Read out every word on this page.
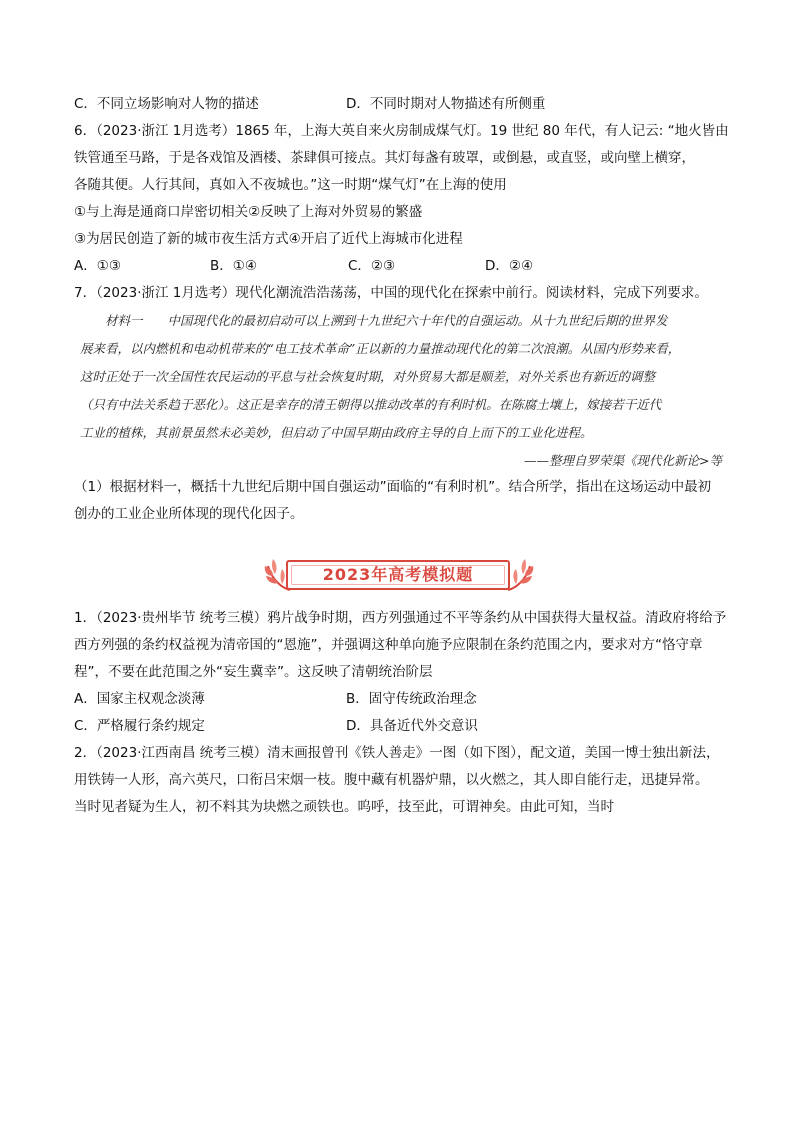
C．不同立场影响对人物的描述	D．不同时期对人物描述有所侧重
6．（2023·浙江 1月选考）1865 年，上海大英自来火房制成煤气灯。19 世纪 80 年代，有人记云: “地火皆由
铁管通至马路，于是各戏馆及酒楼、茶肆俱可接点。其灯每盏有玻罩，或倒悬，或直竖，或向壁上横穿，
各随其便。人行其间，真如入不夜城也。”这一时期“煤气灯”在上海的使用
①与上海是通商口岸密切相关②反映了上海对外贸易的繁盛
③为居民创造了新的城市夜生活方式④开启了近代上海城市化进程
A．①③	B．①④	C．②③	D．②④
7．（2023·浙江 1月选考）现代化潮流浩浩荡荡，中国的现代化在探索中前行。阅读材料，完成下列要求。
　　材料一　　中国现代化的最初启动可以上溯到十九世纪六十年代的自强运动。从十九世纪后期的世界发
展来看，以内燃机和电动机带来的“电工技术革命”正以新的力量推动现代化的第二次浪潮。从国内形势来看，
这时正处于一次全国性农民运动的平息与社会恢复时期，对外贸易大都是顺差，对外关系也有新近的调整
（只有中法关系趋于恶化）。这正是幸存的清王朝得以推动改革的有利时机。在陈腐土壤上，嫁接若干近代
工业的植株，其前景虽然未必美妙，但启动了中国早期由政府主导的自上而下的工业化进程。
——整理自罗荣渠《现代化新论>等
（1）根据材料一，概括十九世纪后期中国自强运动”面临的“有利时机”。结合所学，指出在这场运动中最初
创办的工业企业所体现的现代化因子。
2023年高考模拟题
1．（2023·贵州毕节 统考三模）鸦片战争时期，西方列强通过不平等条约从中国获得大量权益。清政府将给予
西方列强的条约权益视为清帝国的“恩施”，并强调这种单向施予应限制在条约范围之内，要求对方“恪守章
程”，不要在此范围之外“妄生冀幸”。这反映了清朝统治阶层
A．国家主权观念淡薄	B．固守传统政治理念
C．严格履行条约规定	D．具备近代外交意识
2．（2023·江西南昌 统考三模）清末画报曾刊《铁人善走》一图（如下图），配文道，美国一博士独出新法，
用铁铸一人形，高六英尺，口衔吕宋烟一枝。腹中藏有机器炉鼎，以火燃之，其人即自能行走，迅捷异常。
当时见者疑为生人，初不料其为块燃之顽铁也。呜呼，技至此，可谓神矣。由此可知，当时
